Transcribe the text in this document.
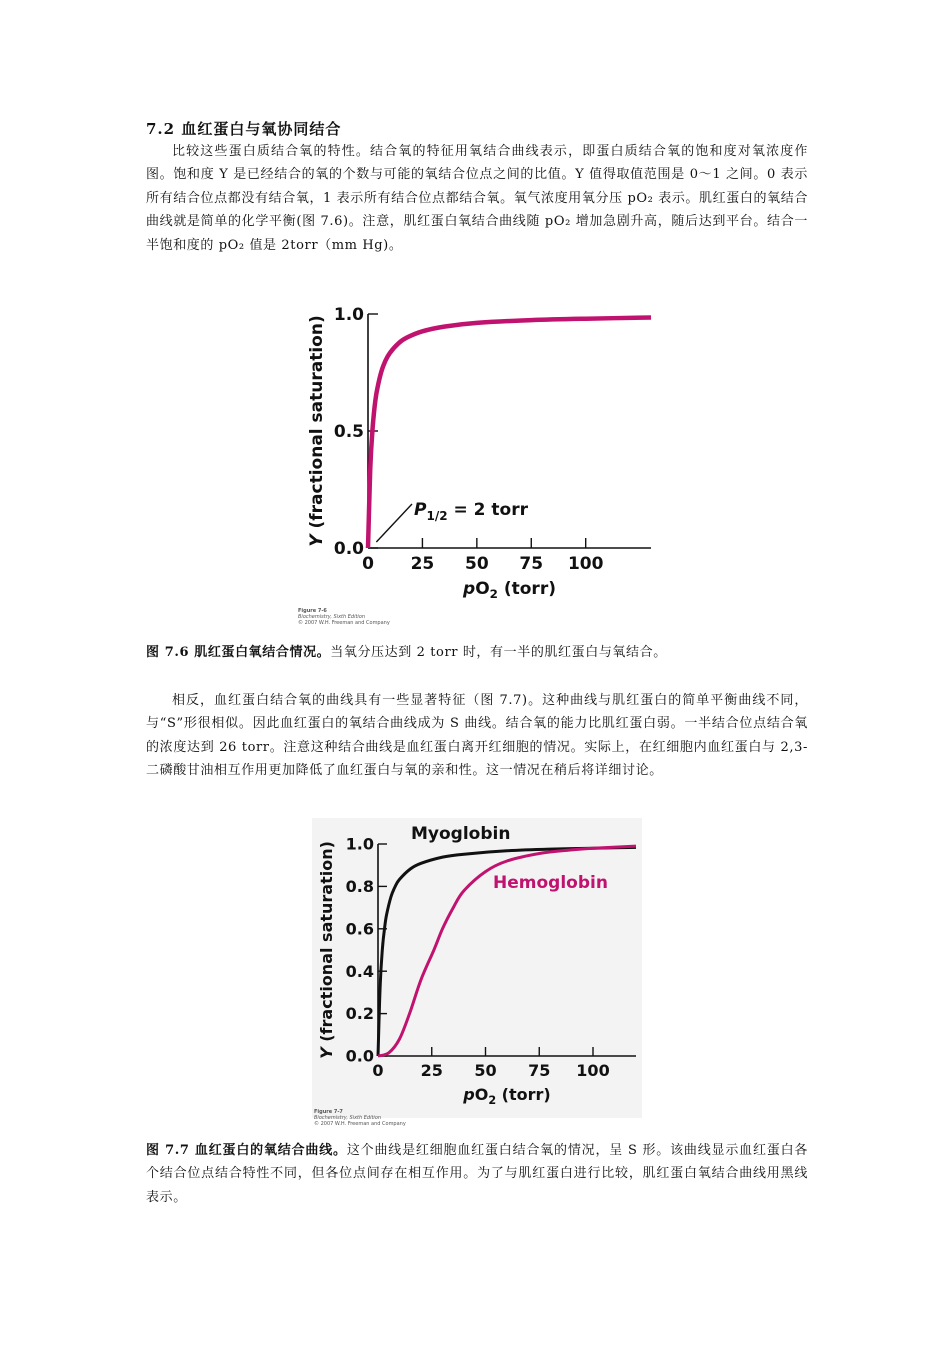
7.2 血红蛋白与氧协同结合

比较这些蛋白质结合氧的特性。结合氧的特征用氧结合曲线表示，即蛋白质结合氧的饱和度对氧浓度作图。饱和度 Y 是已经结合的氧的个数与可能的氧结合位点之间的比值。Y 值得取值范围是 0～1 之间。0 表示所有结合位点都没有结合氧，1 表示所有结合位点都结合氧。氧气浓度用氧分压 pO₂ 表示。肌红蛋白的氧结合曲线就是简单的化学平衡(图 7.6)。注意，肌红蛋白氧结合曲线随 pO₂ 增加急剧升高，随后达到平台。结合一半饱和度的 pO₂ 值是 2torr（mm Hg)。

0 25 50 75 100
0.0
0.5
1.0
$pO_2$ (torr)
Y (fractional saturation)	$P_{1/2} = 2$ torr
Figure 7-6
Biochemistry, Sixth Edition
© 2007 W.H. Freeman and Company

图 7.6 肌红蛋白氧结合情况。当氧分压达到 2 torr 时，有一半的肌红蛋白与氧结合。

相反，血红蛋白结合氧的曲线具有一些显著特征（图 7.7)。这种曲线与肌红蛋白的简单平衡曲线不同，与“S”形很相似。因此血红蛋白的氧结合曲线成为 S 曲线。结合氧的能力比肌红蛋白弱。一半结合位点结合氧的浓度达到 26 torr。注意这种结合曲线是血红蛋白离开红细胞的情况。实际上，在红细胞内血红蛋白与 2,3-二磷酸甘油相互作用更加降低了血红蛋白与氧的亲和性。这一情况在稍后将详细讨论。

0 25 50 75 100
0.0
0.2
0.4
0.6
0.8
1.0
$pO_2$ (torr)
Y (fractional saturation)
Myoglobin
Hemoglobin
Figure 7-7
Biochemistry, Sixth Edition
© 2007 W.H. Freeman and Company

图 7.7 血红蛋白的氧结合曲线。这个曲线是红细胞血红蛋白结合氧的情况，呈 S 形。该曲线显示血红蛋白各个结合位点结合特性不同，但各位点间存在相互作用。为了与肌红蛋白进行比较，肌红蛋白氧结合曲线用黑线表示。
